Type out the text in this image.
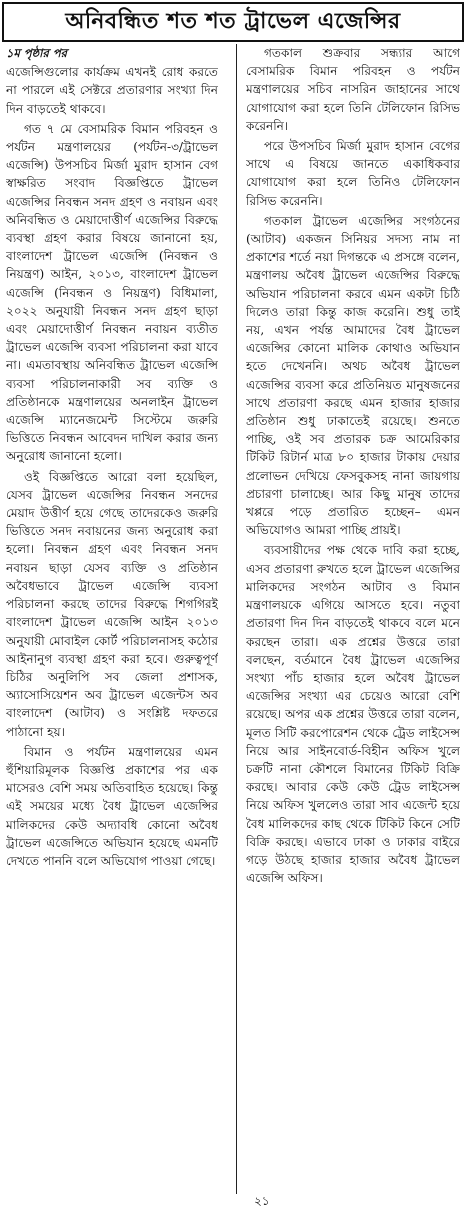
অনিবন্ধিত শত শত ট্রাভেল এজেন্সির
১ম পৃষ্ঠার পর

এজেন্সিগুলোর কার্যক্রম এখনই রোধ করতে না পারলে এই সেক্টরে প্রতারণার সংখ্যা দিন দিন বাড়তেই থাকবে।

গত ৭ মে বেসামরিক বিমান পরিবহন ও পর্যটন মন্ত্রণালয়ের (পর্যটন-৩/ট্রাভেল এজেন্সি) উপসচিব মির্জা মুরাদ হাসান বেগ স্বাক্ষরিত সংবাদ বিজ্ঞপ্তিতে ট্রাভেল এজেন্সির নিবন্ধন সনদ গ্রহণ ও নবায়ন এবং অনিবন্ধিত ও মেয়াদোত্তীর্ণ এজেন্সির বিরুদ্ধে ব্যবস্থা গ্রহণ করার বিষয়ে জানানো হয়, বাংলাদেশ ট্রাভেল এজেন্সি (নিবন্ধন ও নিয়ন্ত্রণ) আইন, ২০১৩, বাংলাদেশ ট্রাভেল এজেন্সি (নিবন্ধন ও নিয়ন্ত্রণ) বিধিমালা, ২০২২ অনুযায়ী নিবন্ধন সনদ গ্রহণ ছাড়া এবং মেয়াদোত্তীর্ণ নিবন্ধন নবায়ন ব্যতীত ট্রাভেল এজেন্সি ব্যবসা পরিচালনা করা যাবে না। এমতাবস্থায় অনিবন্ধিত ট্রাভেল এজেন্সি ব্যবসা পরিচালনাকারী সব ব্যক্তি ও প্রতিষ্ঠানকে মন্ত্রণালয়ের অনলাইন ট্রাভেল এজেন্সি ম্যানেজমেন্ট সিস্টেমে জরুরি ভিত্তিতে নিবন্ধন আবেদন দাখিল করার জন্য অনুরোধ জানানো হলো।

ওই বিজ্ঞপ্তিতে আরো বলা হয়েছিল, যেসব ট্রাভেল এজেন্সির নিবন্ধন সনদের মেয়াদ উত্তীর্ণ হয়ে গেছে তাদেরকেও জরুরি ভিত্তিতে সনদ নবায়নের জন্য অনুরোধ করা হলো। নিবন্ধন গ্রহণ এবং নিবন্ধন সনদ নবায়ন ছাড়া যেসব ব্যক্তি ও প্রতিষ্ঠান অবৈধভাবে ট্রাভেল এজেন্সি ব্যবসা পরিচালনা করছে তাদের বিরুদ্ধে শিগগিরই বাংলাদেশ ট্রাভেল এজেন্সি আইন ২০১৩ অনুযায়ী মোবাইল কোর্ট পরিচালনাসহ কঠোর আইনানুগ ব্যবস্থা গ্রহণ করা হবে। গুরুত্বপূর্ণ চিঠির অনুলিপি সব জেলা প্রশাসক, অ্যাসোসিয়েশন অব ট্রাভেল এজেন্টস অব বাংলাদেশ (আটাব) ও সংশ্লিষ্ট দফতরে পাঠানো হয়।

বিমান ও পর্যটন মন্ত্রণালয়ের এমন হুঁশিয়ারিমূলক বিজ্ঞপ্তি প্রকাশের পর এক মাসেরও বেশি সময় অতিবাহিত হয়েছে। কিন্তু এই সময়ের মধ্যে বৈধ ট্রাভেল এজেন্সির মালিকদের কেউ অদ্যাবধি কোনো অবৈধ ট্রাভেল এজেন্সিতে অভিযান হয়েছে এমনটি দেখতে পাননি বলে অভিযোগ পাওয়া গেছে।

গতকাল শুক্রবার সন্ধ্যার আগে বেসামরিক বিমান পরিবহন ও পর্যটন মন্ত্রণালয়ের সচিব নাসরিন জাহানের সাথে যোগাযোগ করা হলে তিনি টেলিফোন রিসিভ করেননি।

পরে উপসচিব মির্জা মুরাদ হাসান বেগের সাথে এ বিষয়ে জানতে একাধিকবার যোগাযোগ করা হলে তিনিও টেলিফোন রিসিভ করেননি।

গতকাল ট্রাভেল এজেন্সির সংগঠনের (আটাব) একজন সিনিয়র সদস্য নাম না প্রকাশের শর্তে নয়া দিগন্তকে এ প্রসঙ্গে বলেন, মন্ত্রণালয় অবৈধ ট্রাভেল এজেন্সির বিরুদ্ধে অভিযান পরিচালনা করবে এমন একটা চিঠি দিলেও তারা কিন্তু কাজ করেনি। শুধু তাই নয়, এখন পর্যন্ত আমাদের বৈধ ট্রাভেল এজেন্সির কোনো মালিক কোথাও অভিযান হতে দেখেননি। অথচ অবৈধ ট্রাভেল এজেন্সির ব্যবসা করে প্রতিনিয়ত মানুষজনের সাথে প্রতারণা করছে এমন হাজার হাজার প্রতিষ্ঠান শুধু ঢাকাতেই রয়েছে। শুনতে পাচ্ছি, ওই সব প্রতারক চক্র আমেরিকার টিকিট রিটার্ন মাত্র ৮০ হাজার টাকায় দেয়ার প্রলোভন দেখিয়ে ফেসবুকসহ নানা জায়গায় প্রচারণা চালাচ্ছে। আর কিছু মানুষ তাদের খপ্পরে পড়ে প্রতারিত হচ্ছেন– এমন অভিযোগও আমরা পাচ্ছি প্রায়ই।

ব্যবসায়ীদের পক্ষ থেকে দাবি করা হচ্ছে, এসব প্রতারণা রুখতে হলে ট্রাভেল এজেন্সির মালিকদের সংগঠন আটাব ও বিমান মন্ত্রণালয়কে এগিয়ে আসতে হবে। নতুবা প্রতারণা দিন দিন বাড়তেই থাকবে বলে মনে করছেন তারা। এক প্রশ্নের উত্তরে তারা বলছেন, বর্তমানে বৈধ ট্রাভেল এজেন্সির সংখ্যা পাঁচ হাজার হলে অবৈধ ট্রাভেল এজেন্সির সংখ্যা এর চেয়েও আরো বেশি রয়েছে। অপর এক প্রশ্নের উত্তরে তারা বলেন, মূলত সিটি করপোরেশন থেকে ট্রেড লাইসেন্স নিয়ে আর সাইনবোর্ড-বিহীন অফিস খুলে চক্রটি নানা কৌশলে বিমানের টিকিট বিক্রি করছে। আবার কেউ কেউ ট্রেড লাইসেন্স নিয়ে অফিস খুললেও তারা সাব এজেন্ট হয়ে বৈধ মালিকদের কাছ থেকে টিকিট কিনে সেটি বিক্রি করছে। এভাবে ঢাকা ও ঢাকার বাইরে গড়ে উঠছে হাজার হাজার অবৈধ ট্রাভেল এজেন্সি অফিস।

২১
